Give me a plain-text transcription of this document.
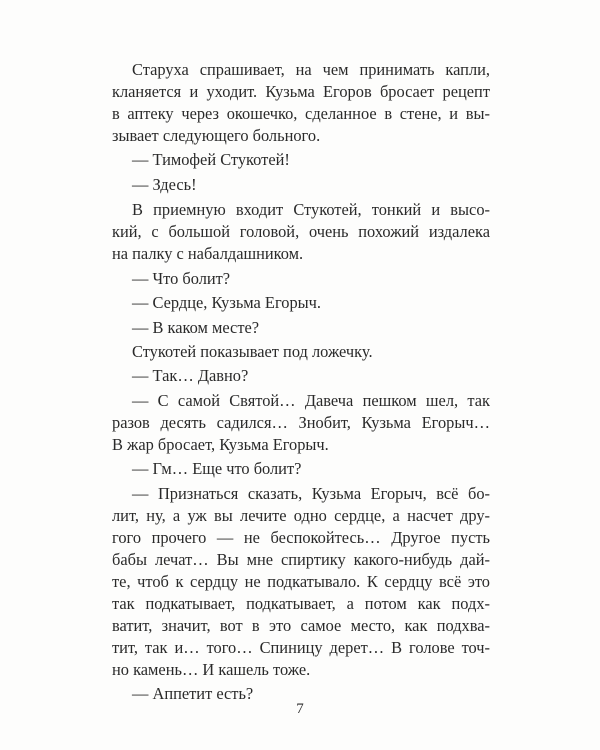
Старуха спрашивает, на чем принимать капли,
кланяется и уходит. Кузьма Егоров бросает рецепт
в аптеку через окошечко, сделанное в стене, и вы-
зывает следующего больного.
— Тимофей Стукотей!
— Здесь!
В приемную входит Стукотей, тонкий и высо-
кий, с большой головой, очень похожий издалека
на палку с набалдашником.
— Что болит?
— Сердце, Кузьма Егорыч.
— В каком месте?
Стукотей показывает под ложечку.
— Так… Давно?
— С самой Святой… Давеча пешком шел, так
разов десять садился… Знобит, Кузьма Егорыч…
В жар бросает, Кузьма Егорыч.
— Гм… Еще что болит?
— Признаться сказать, Кузьма Егорыч, всё бо-
лит, ну, а уж вы лечите одно сердце, а насчет дру-
гого прочего — не беспокойтесь… Другое пусть
бабы лечат… Вы мне спиртику какого-нибудь дай-
те, чтоб к сердцу не подкатывало. К сердцу всё это
так подкатывает, подкатывает, а потом как подх-
ватит, значит, вот в это самое место, как подхва-
тит, так и… того… Спиницу дерет… В голове точ-
но камень… И кашель тоже.
— Аппетит есть?
7
